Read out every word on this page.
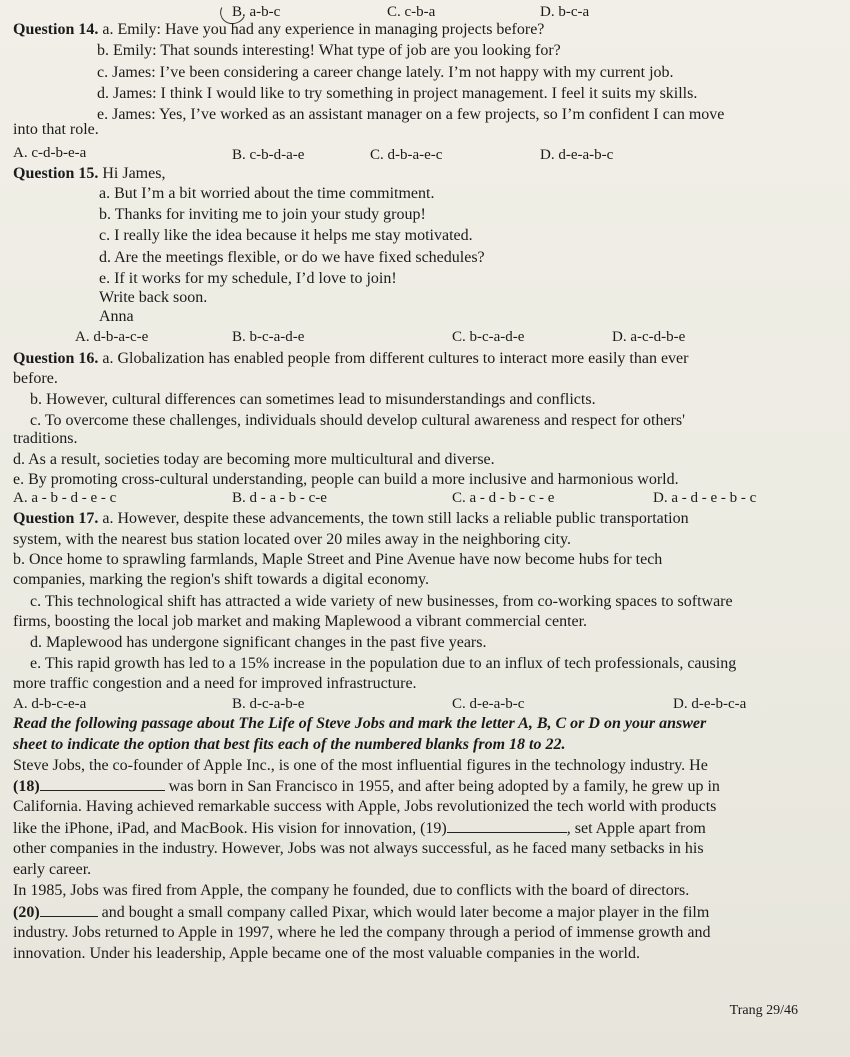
B. a-b-c	C. c-b-a	D. b-c-a
Question 14. a. Emily: Have you had any experience in managing projects before?
b. Emily: That sounds interesting! What type of job are you looking for?
c. James: I’ve been considering a career change lately. I’m not happy with my current job.
d. James: I think I would like to try something in project management. I feel it suits my skills.
e. James: Yes, I’ve worked as an assistant manager on a few projects, so I’m confident I can move
into that role.
A. c-d-b-e-a	B. c-b-d-a-e	C. d-b-a-e-c	D. d-e-a-b-c
Question 15. Hi James,
a. But I’m a bit worried about the time commitment.
b. Thanks for inviting me to join your study group!
c. I really like the idea because it helps me stay motivated.
d. Are the meetings flexible, or do we have fixed schedules?
e. If it works for my schedule, I’d love to join!
Write back soon.
Anna
A. d-b-a-c-e	B. b-c-a-d-e	C. b-c-a-d-e	D. a-c-d-b-e
Question 16. a. Globalization has enabled people from different cultures to interact more easily than ever
before.
b. However, cultural differences can sometimes lead to misunderstandings and conflicts.
c. To overcome these challenges, individuals should develop cultural awareness and respect for others'
traditions.
d. As a result, societies today are becoming more multicultural and diverse.
e. By promoting cross-cultural understanding, people can build a more inclusive and harmonious world.
A. a - b - d - e - c	B. d - a - b - c-e	C. a - d - b - c - e	D. a - d - e - b - c
Question 17. a. However, despite these advancements, the town still lacks a reliable public transportation
system, with the nearest bus station located over 20 miles away in the neighboring city.
b. Once home to sprawling farmlands, Maple Street and Pine Avenue have now become hubs for tech
companies, marking the region's shift towards a digital economy.
c. This technological shift has attracted a wide variety of new businesses, from co-working spaces to software
firms, boosting the local job market and making Maplewood a vibrant commercial center.
d. Maplewood has undergone significant changes in the past five years.
e. This rapid growth has led to a 15% increase in the population due to an influx of tech professionals, causing
more traffic congestion and a need for improved infrastructure.
A. d-b-c-e-a	B. d-c-a-b-e	C. d-e-a-b-c	D. d-e-b-c-a
Read the following passage about The Life of Steve Jobs and mark the letter A, B, C or D on your answer
sheet to indicate the option that best fits each of the numbered blanks from 18 to 22.
Steve Jobs, the co-founder of Apple Inc., is one of the most influential figures in the technology industry. He
(18)	was born in San Francisco in 1955, and after being adopted by a family, he grew up in
California. Having achieved remarkable success with Apple, Jobs revolutionized the tech world with products
like the iPhone, iPad, and MacBook. His vision for innovation, (19)	, set Apple apart from
other companies in the industry. However, Jobs was not always successful, as he faced many setbacks in his
early career.
In 1985, Jobs was fired from Apple, the company he founded, due to conflicts with the board of directors.
(20)	and bought a small company called Pixar, which would later become a major player in the film
industry. Jobs returned to Apple in 1997, where he led the company through a period of immense growth and
innovation. Under his leadership, Apple became one of the most valuable companies in the world.
Trang 29/46
